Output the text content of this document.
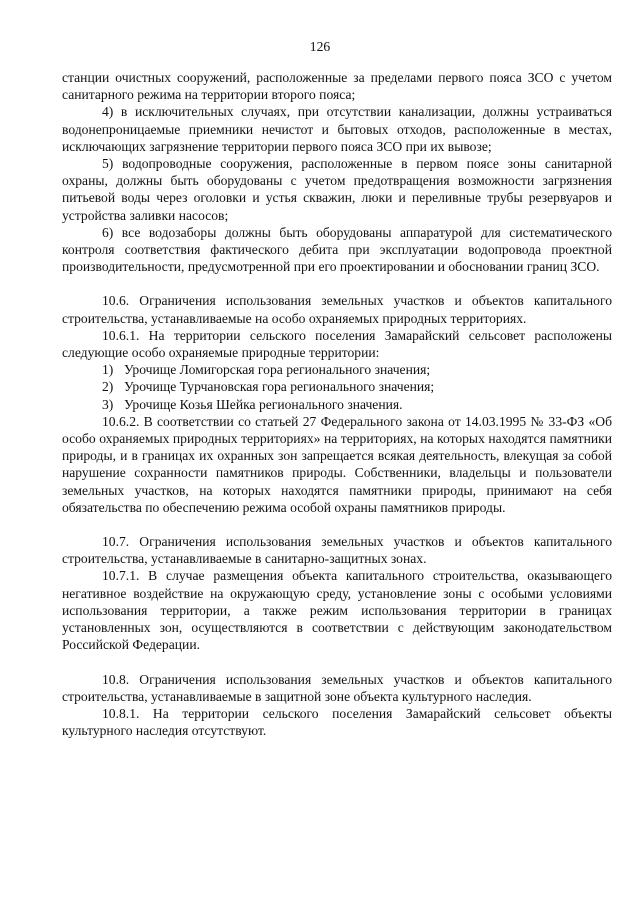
126

станции очистных сооружений, расположенные за пределами первого пояса ЗСО с учетом санитарного режима на территории второго пояса;

4) в исключительных случаях, при отсутствии канализации, должны устраиваться водонепроницаемые приемники нечистот и бытовых отходов, расположенные в местах, исключающих загрязнение территории первого пояса ЗСО при их вывозе;

5) водопроводные сооружения, расположенные в первом поясе зоны санитарной охраны, должны быть оборудованы с учетом предотвращения возможности загрязнения питьевой воды через оголовки и устья скважин, люки и переливные трубы резервуаров и устройства заливки насосов;

6) все водозаборы должны быть оборудованы аппаратурой для систематического контроля соответствия фактического дебита при эксплуатации водопровода проектной производительности, предусмотренной при его проектировании и обосновании границ ЗСО.

10.6. Ограничения использования земельных участков и объектов капитального строительства, устанавливаемые на особо охраняемых природных территориях.

10.6.1. На территории сельского поселения Замарайский сельсовет расположены следующие особо охраняемые природные территории:

1) Урочище Ломигорская гора регионального значения;
2) Урочище Турчановская гора регионального значения;
3) Урочище Козья Шейка регионального значения.

10.6.2. В соответствии со статьей 27 Федерального закона от 14.03.1995 № 33-ФЗ «Об особо охраняемых природных территориях» на территориях, на которых находятся памятники природы, и в границах их охранных зон запрещается всякая деятельность, влекущая за собой нарушение сохранности памятников природы. Собственники, владельцы и пользователи земельных участков, на которых находятся памятники природы, принимают на себя обязательства по обеспечению режима особой охраны памятников природы.

10.7. Ограничения использования земельных участков и объектов капитального строительства, устанавливаемые в санитарно-защитных зонах.

10.7.1. В случае размещения объекта капитального строительства, оказывающего негативное воздействие на окружающую среду, установление зоны с особыми условиями использования территории, а также режим использования территории в границах установленных зон, осуществляются в соответствии с действующим законодательством Российской Федерации.

10.8. Ограничения использования земельных участков и объектов капитального строительства, устанавливаемые в защитной зоне объекта культурного наследия.

10.8.1. На территории сельского поселения Замарайский сельсовет объекты культурного наследия отсутствуют.
